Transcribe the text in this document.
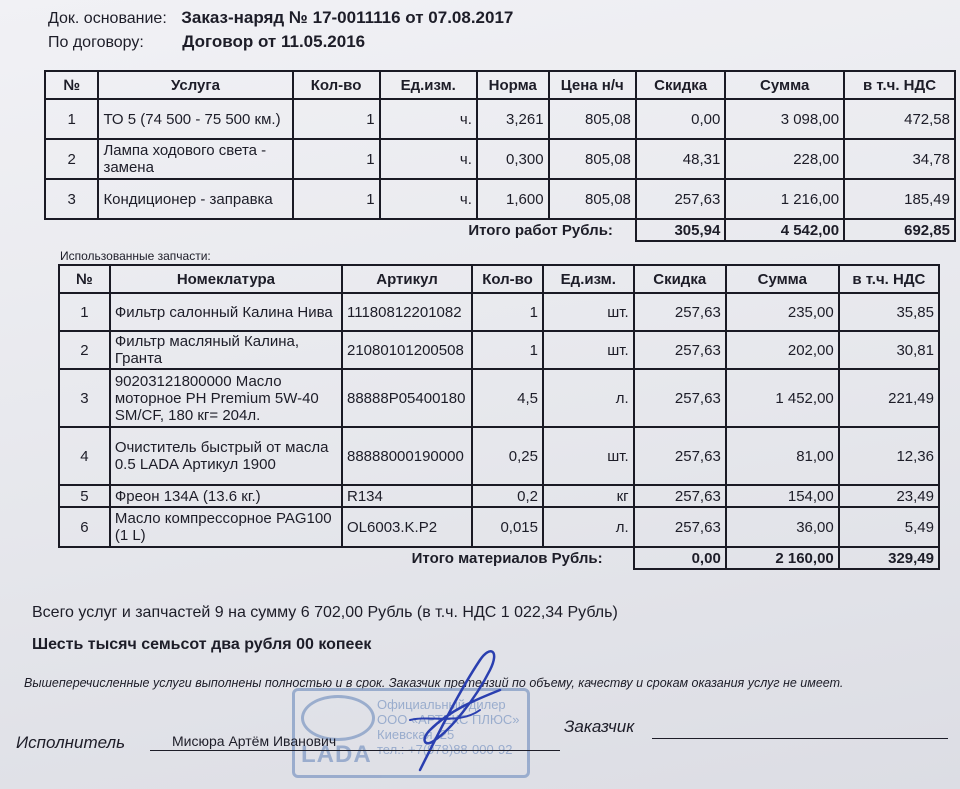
Док. основание: Заказ-наряд № 17-0011116 от 07.08.2017
По договору: Договор от 11.05.2016
№	Услуга	Кол-во	Ед.изм.	Норма	Цена н/ч	Скидка	Сумма	в т.ч. НДС
1	ТО 5 (74 500 - 75 500 км.)	1	ч.	3,261	805,08	0,00	3 098,00	472,58
2	Лампа ходового света - замена	1	ч.	0,300	805,08	48,31	228,00	34,78
3	Кондиционер - заправка	1	ч.	1,600	805,08	257,63	1 216,00	185,49
Итого работ Рубль:						305,94	4 542,00	692,85
Использованные запчасти:
№	Номеклатура	Артикул	Кол-во	Ед.изм.	Скидка	Сумма	в т.ч. НДС
1	Фильтр салонный Калина Нива	11180812201082	1	шт.	257,63	235,00	35,85
2	Фильтр масляный Калина, Гранта	21080101200508	1	шт.	257,63	202,00	30,81
3	90203121800000 Масло моторное PH Premium 5W-40 SM/CF, 180 кг= 204л.	88888P05400180	4,5	л.	257,63	1 452,00	221,49
4	Очиститель быстрый от масла 0.5 LADA Артикул 1900	88888000190000	0,25	шт.	257,63	81,00	12,36
5	Фреон 134А (13.6 кг.)	R134	0,2	кг	257,63	154,00	23,49
6	Масло компрессорное PAG100 (1 L)	OL6003.K.P2	0,015	л.	257,63	36,00	5,49
Итого материалов Рубль:					0,00	2 160,00	329,49
Всего услуг и запчастей 9 на сумму 6 702,00 Рубль (в т.ч. НДС 1 022,34 Рубль)
Шесть тысяч семьсот два рубля 00 копеек
Вышеперечисленные услуги выполнены полностью и в срок. Заказчик претензий по объему, качеству и срокам оказания услуг не имеет.
LADA
Официальный дилер
ООО «АРТЕКС ПЛЮС»
Киевская, 25
тел.: +7(978)88-000-92
Исполнитель	Мисюра Артём Иванович
Заказчик
